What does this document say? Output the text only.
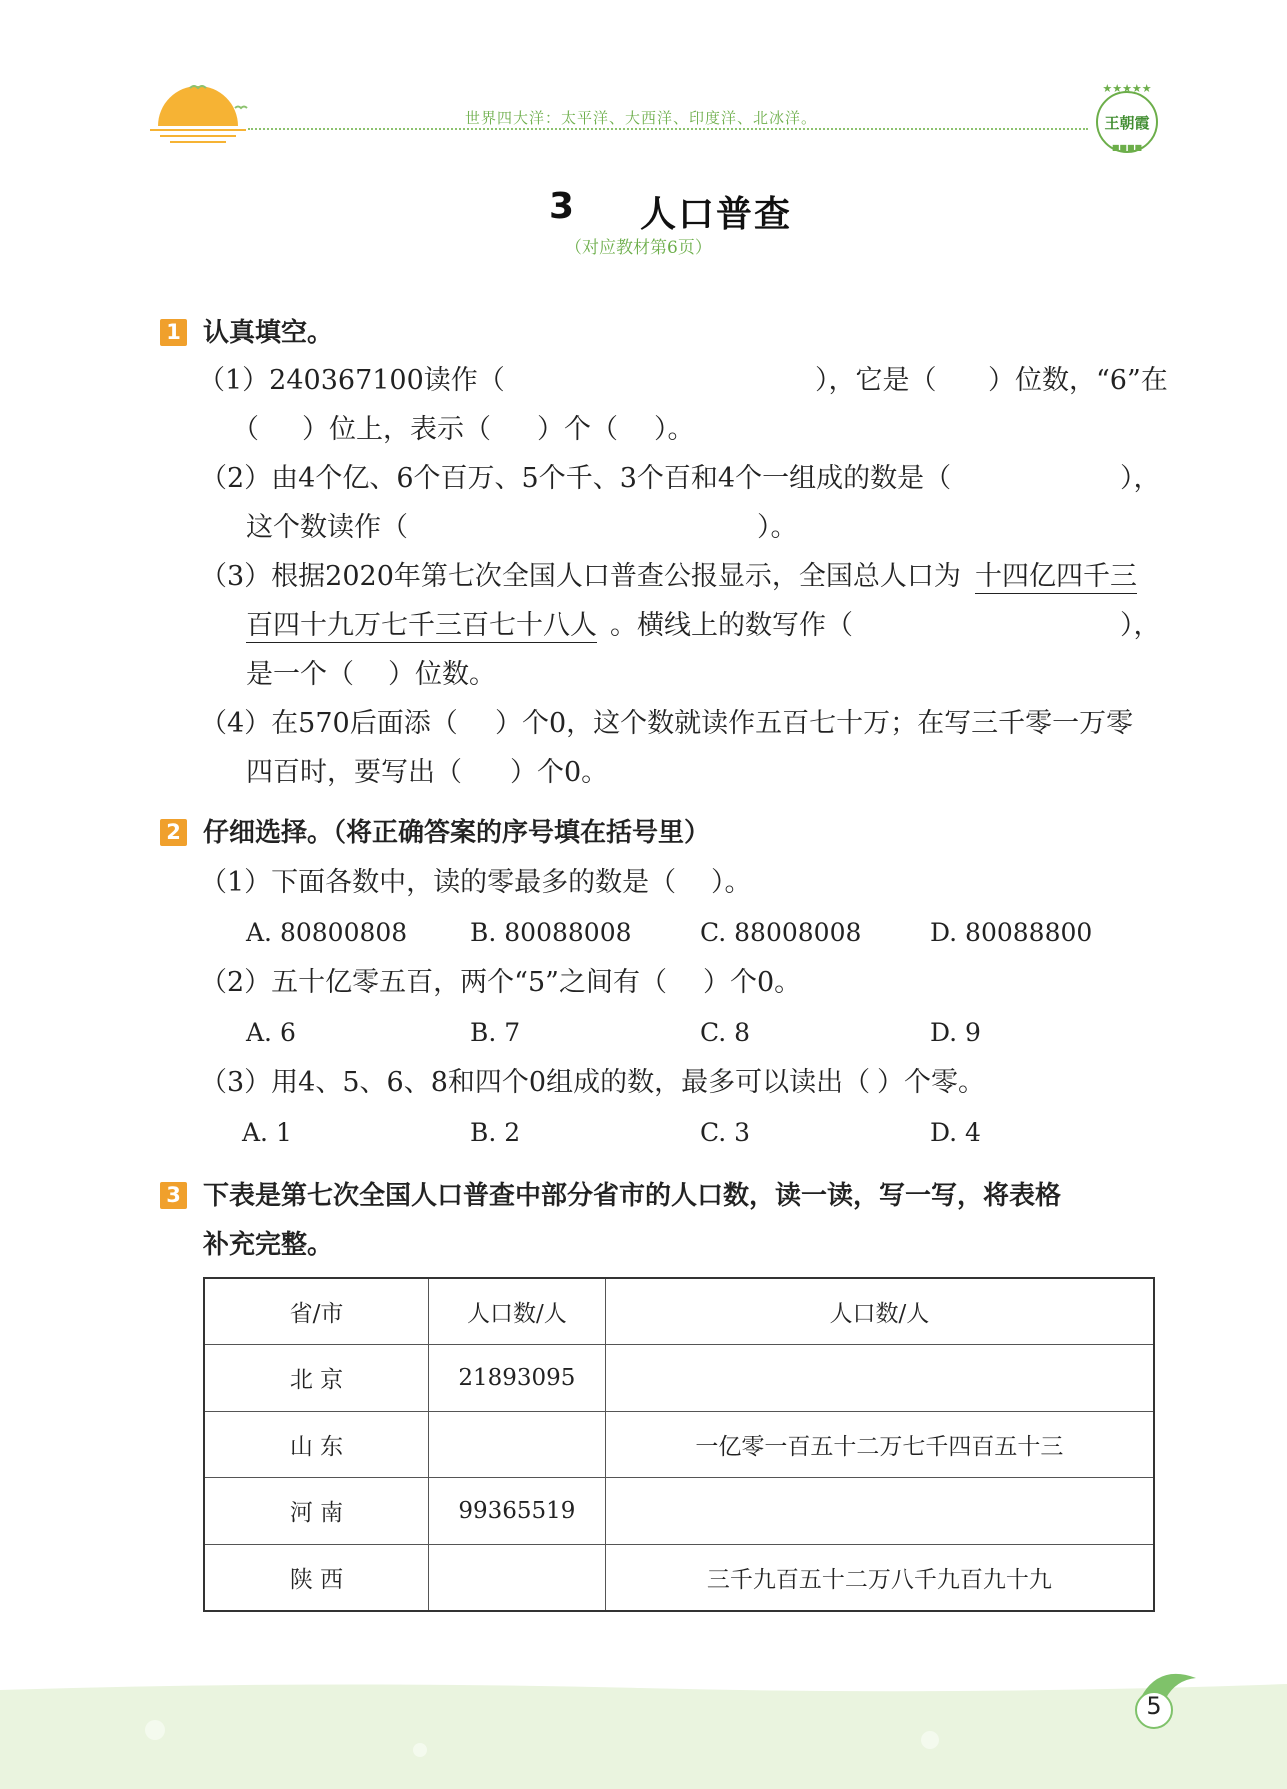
世界四大洋：太平洋、大西洋、印度洋、北冰洋。
★★★★★
■■■■
王朝霞
3 人口普查
（对应教材第6页）
1 认真填空。
（1）240367100读作（	），它是（ ）位数，“6”在
（ ）位上，表示（ ）个（ ）。
（2）由4个亿、6个百万、5个千、3个百和4个一组成的数是（	），
这个数读作（	）。
（3）根据2020年第七次全国人口普查公报显示，全国总人口为 十四亿四千三
百四十九万七千三百七十八人 。横线上的数写作（	），
是一个（ ）位数。
（4）在570后面添（ ）个0，这个数就读作五百七十万；在写三千零一万零
四百时，要写出（ ）个0。
2 仔细选择。（将正确答案的序号填在括号里）
（1）下面各数中，读的零最多的数是（ ）。
A. 80800808	B. 80088008	C. 88008008	D. 80088800
（2）五十亿零五百，两个“5”之间有（ ）个0。
A. 6	B. 7	C. 8	D. 9
（3）用4、5、6、8和四个0组成的数，最多可以读出（ ）个零。
A. 1	B. 2	C. 3	D. 4
3 下表是第七次全国人口普查中部分省市的人口数，读一读，写一写，将表格
补充完整。
省/市	人口数/人	人口数/人
北 京	21893095	
山 东		一亿零一百五十二万七千四百五十三
河 南	99365519	
陕 西		三千九百五十二万八千九百九十九
5
